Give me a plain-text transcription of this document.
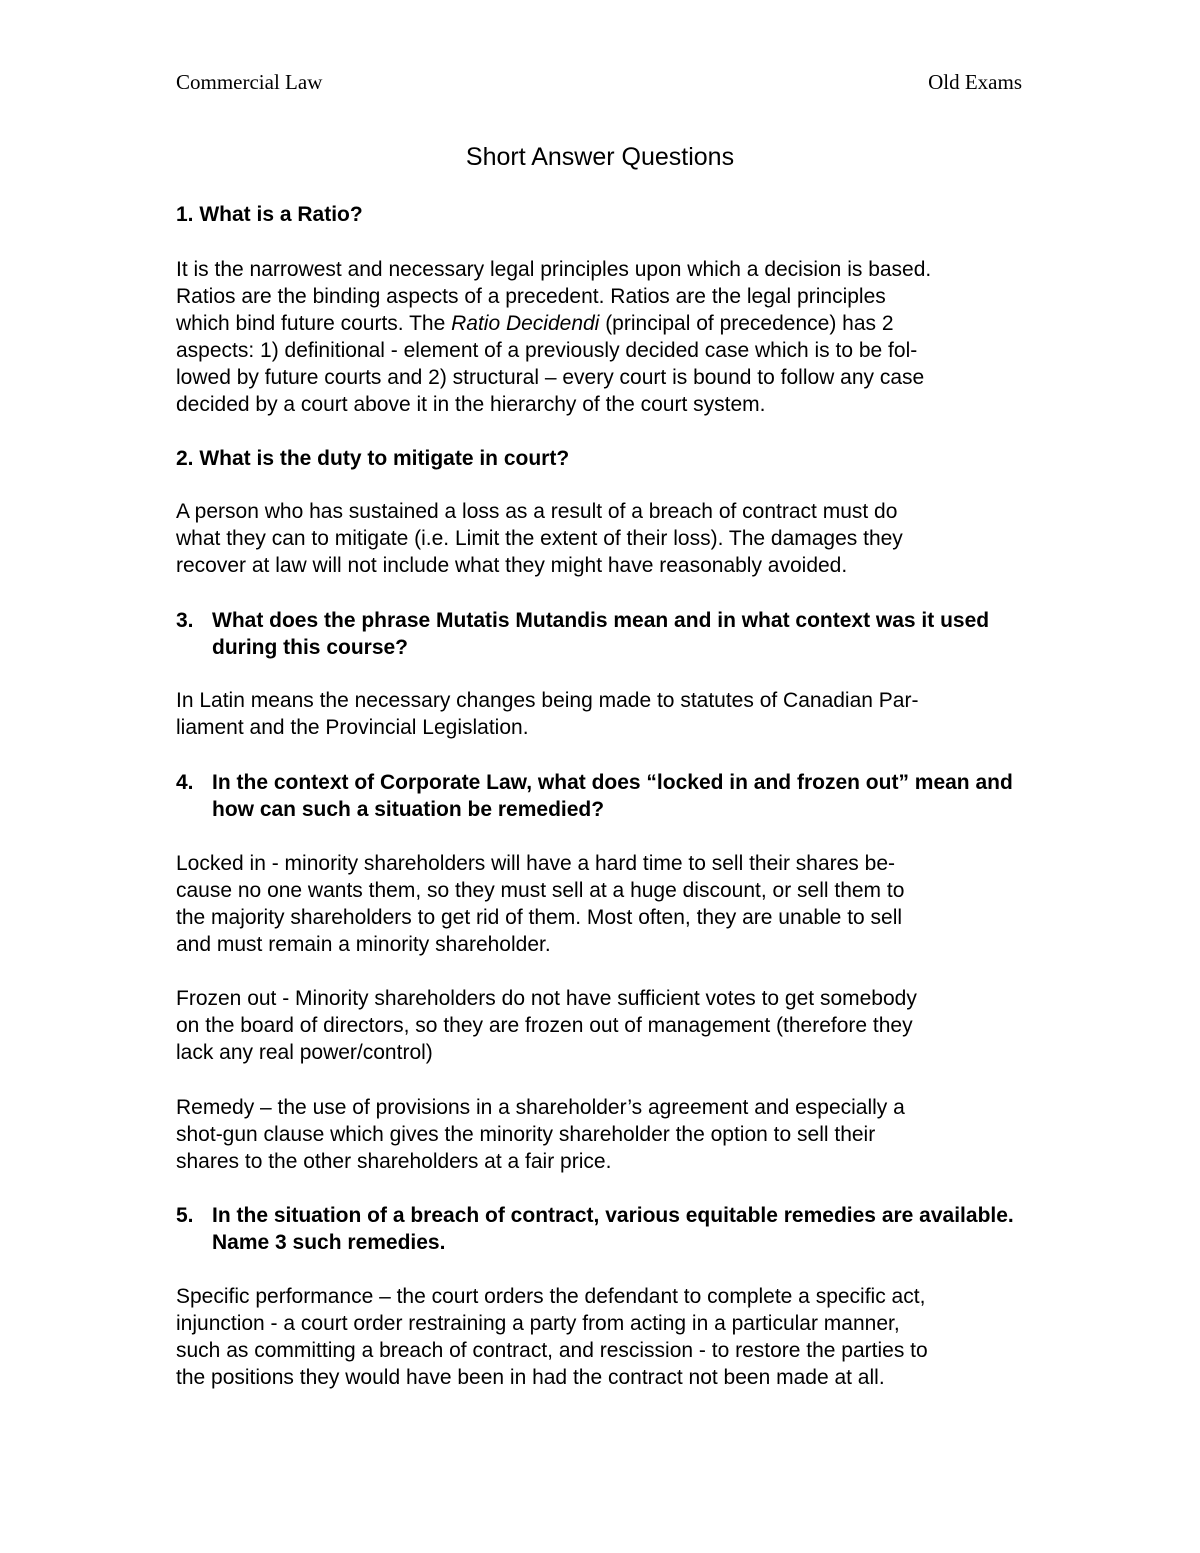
Commercial Law	Old Exams
Short Answer Questions
1. What is a Ratio?
It is the narrowest and necessary legal principles upon which a decision is based.
Ratios are the binding aspects of a precedent. Ratios are the legal principles
which bind future courts. The Ratio Decidendi (principal of precedence) has 2
aspects: 1) definitional - element of a previously decided case which is to be fol-
lowed by future courts and 2) structural – every court is bound to follow any case
decided by a court above it in the hierarchy of the court system.
2. What is the duty to mitigate in court?
A person who has sustained a loss as a result of a breach of contract must do
what they can to mitigate (i.e. Limit the extent of their loss). The damages they
recover at law will not include what they might have reasonably avoided.
3. What does the phrase Mutatis Mutandis mean and in what context was it used during this course?
In Latin means the necessary changes being made to statutes of Canadian Par-
liament and the Provincial Legislation.
4. In the context of Corporate Law, what does “locked in and frozen out” mean and how can such a situation be remedied?
Locked in - minority shareholders will have a hard time to sell their shares be-
cause no one wants them, so they must sell at a huge discount, or sell them to
the majority shareholders to get rid of them. Most often, they are unable to sell
and must remain a minority shareholder.
Frozen out - Minority shareholders do not have sufficient votes to get somebody
on the board of directors, so they are frozen out of management (therefore they
lack any real power/control)
Remedy – the use of provisions in a shareholder’s agreement and especially a
shot-gun clause which gives the minority shareholder the option to sell their
shares to the other shareholders at a fair price.
5. In the situation of a breach of contract, various equitable remedies are available. Name 3 such remedies.
Specific performance – the court orders the defendant to complete a specific act,
injunction - a court order restraining a party from acting in a particular manner,
such as committing a breach of contract, and rescission - to restore the parties to
the positions they would have been in had the contract not been made at all.
